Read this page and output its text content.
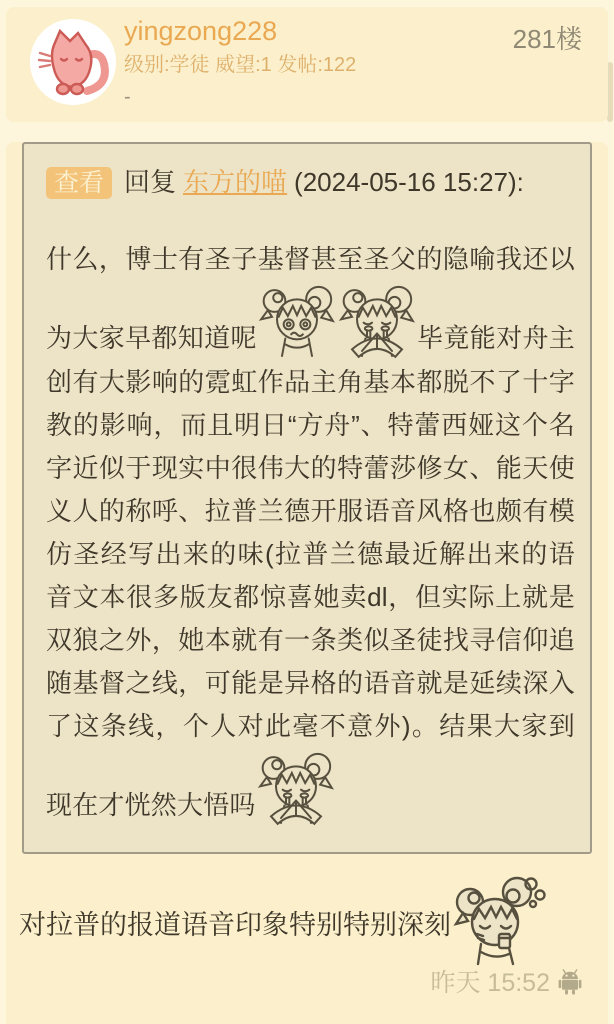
yingzong228
级别:学徒 威望:1 发帖:122
-
281楼
查看 回复 东方的喵 (2024-05-16 15:27):
什么，博士有圣子基督甚至圣父的隐喻我还以为大家早都知道呢	毕竟能对舟主创有大影响的霓虹作品主角基本都脱不了十字教的影响，而且明日“方舟”、特蕾西娅这个名字近似于现实中很伟大的特蕾莎修女、能天使义人的称呼、拉普兰德开服语音风格也颇有模仿圣经写出来的味(拉普兰德最近解出来的语音文本很多版友都惊喜她卖dl，但实际上就是双狼之外，她本就有一条类似圣徒找寻信仰追随基督之线，可能是异格的语音就是延续深入了这条线，个人对此毫不意外)。结果大家到现在才恍然大悟吗
对拉普的报道语音印象特别特别深刻
昨天 15:52
